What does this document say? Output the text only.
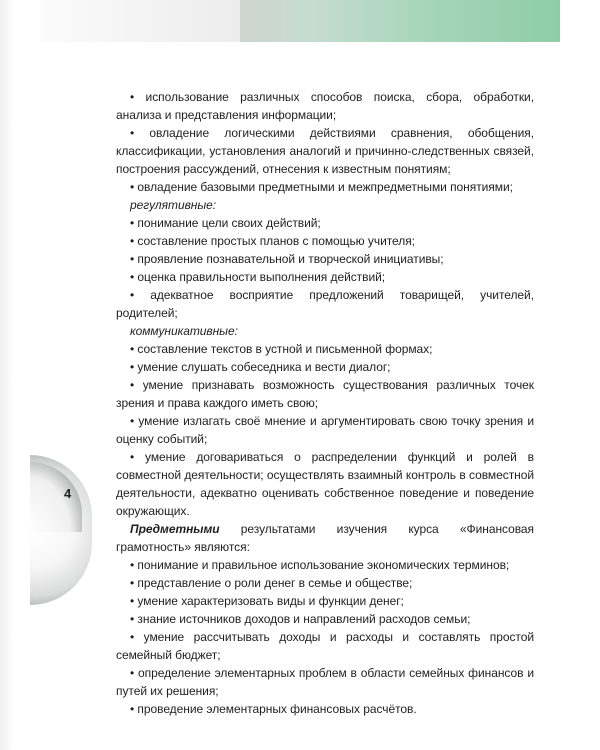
4

• использование различных способов поиска, сбора, обработки, анализа и представления информации;

• овладение логическими действиями сравнения, обобщения, классификации, установления аналогий и причинно-следственных связей, построения рассуждений, отнесения к известным понятиям;

• овладение базовыми предметными и межпредметными понятиями;

регулятивные:

• понимание цели своих действий;

• составление простых планов с помощью учителя;

• проявление познавательной и творческой инициативы;

• оценка правильности выполнения действий;

• адекватное восприятие предложений товарищей, учителей, родителей;

коммуникативные:

• составление текстов в устной и письменной формах;

• умение слушать собеседника и вести диалог;

• умение признавать возможность существования различных точек зрения и права каждого иметь свою;

• умение излагать своё мнение и аргументировать свою точку зрения и оценку событий;

• умение договариваться о распределении функций и ролей в совместной деятельности; осуществлять взаимный контроль в совместной деятельности, адекватно оценивать собственное поведение и поведение окружающих.

Предметными результатами изучения курса «Финансовая грамотность» являются:

• понимание и правильное использование экономических терминов;

• представление о роли денег в семье и обществе;

• умение характеризовать виды и функции денег;

• знание источников доходов и направлений расходов семьи;

• умение рассчитывать доходы и расходы и составлять простой семейный бюджет;

• определение элементарных проблем в области семейных финансов и путей их решения;

• проведение элементарных финансовых расчётов.
